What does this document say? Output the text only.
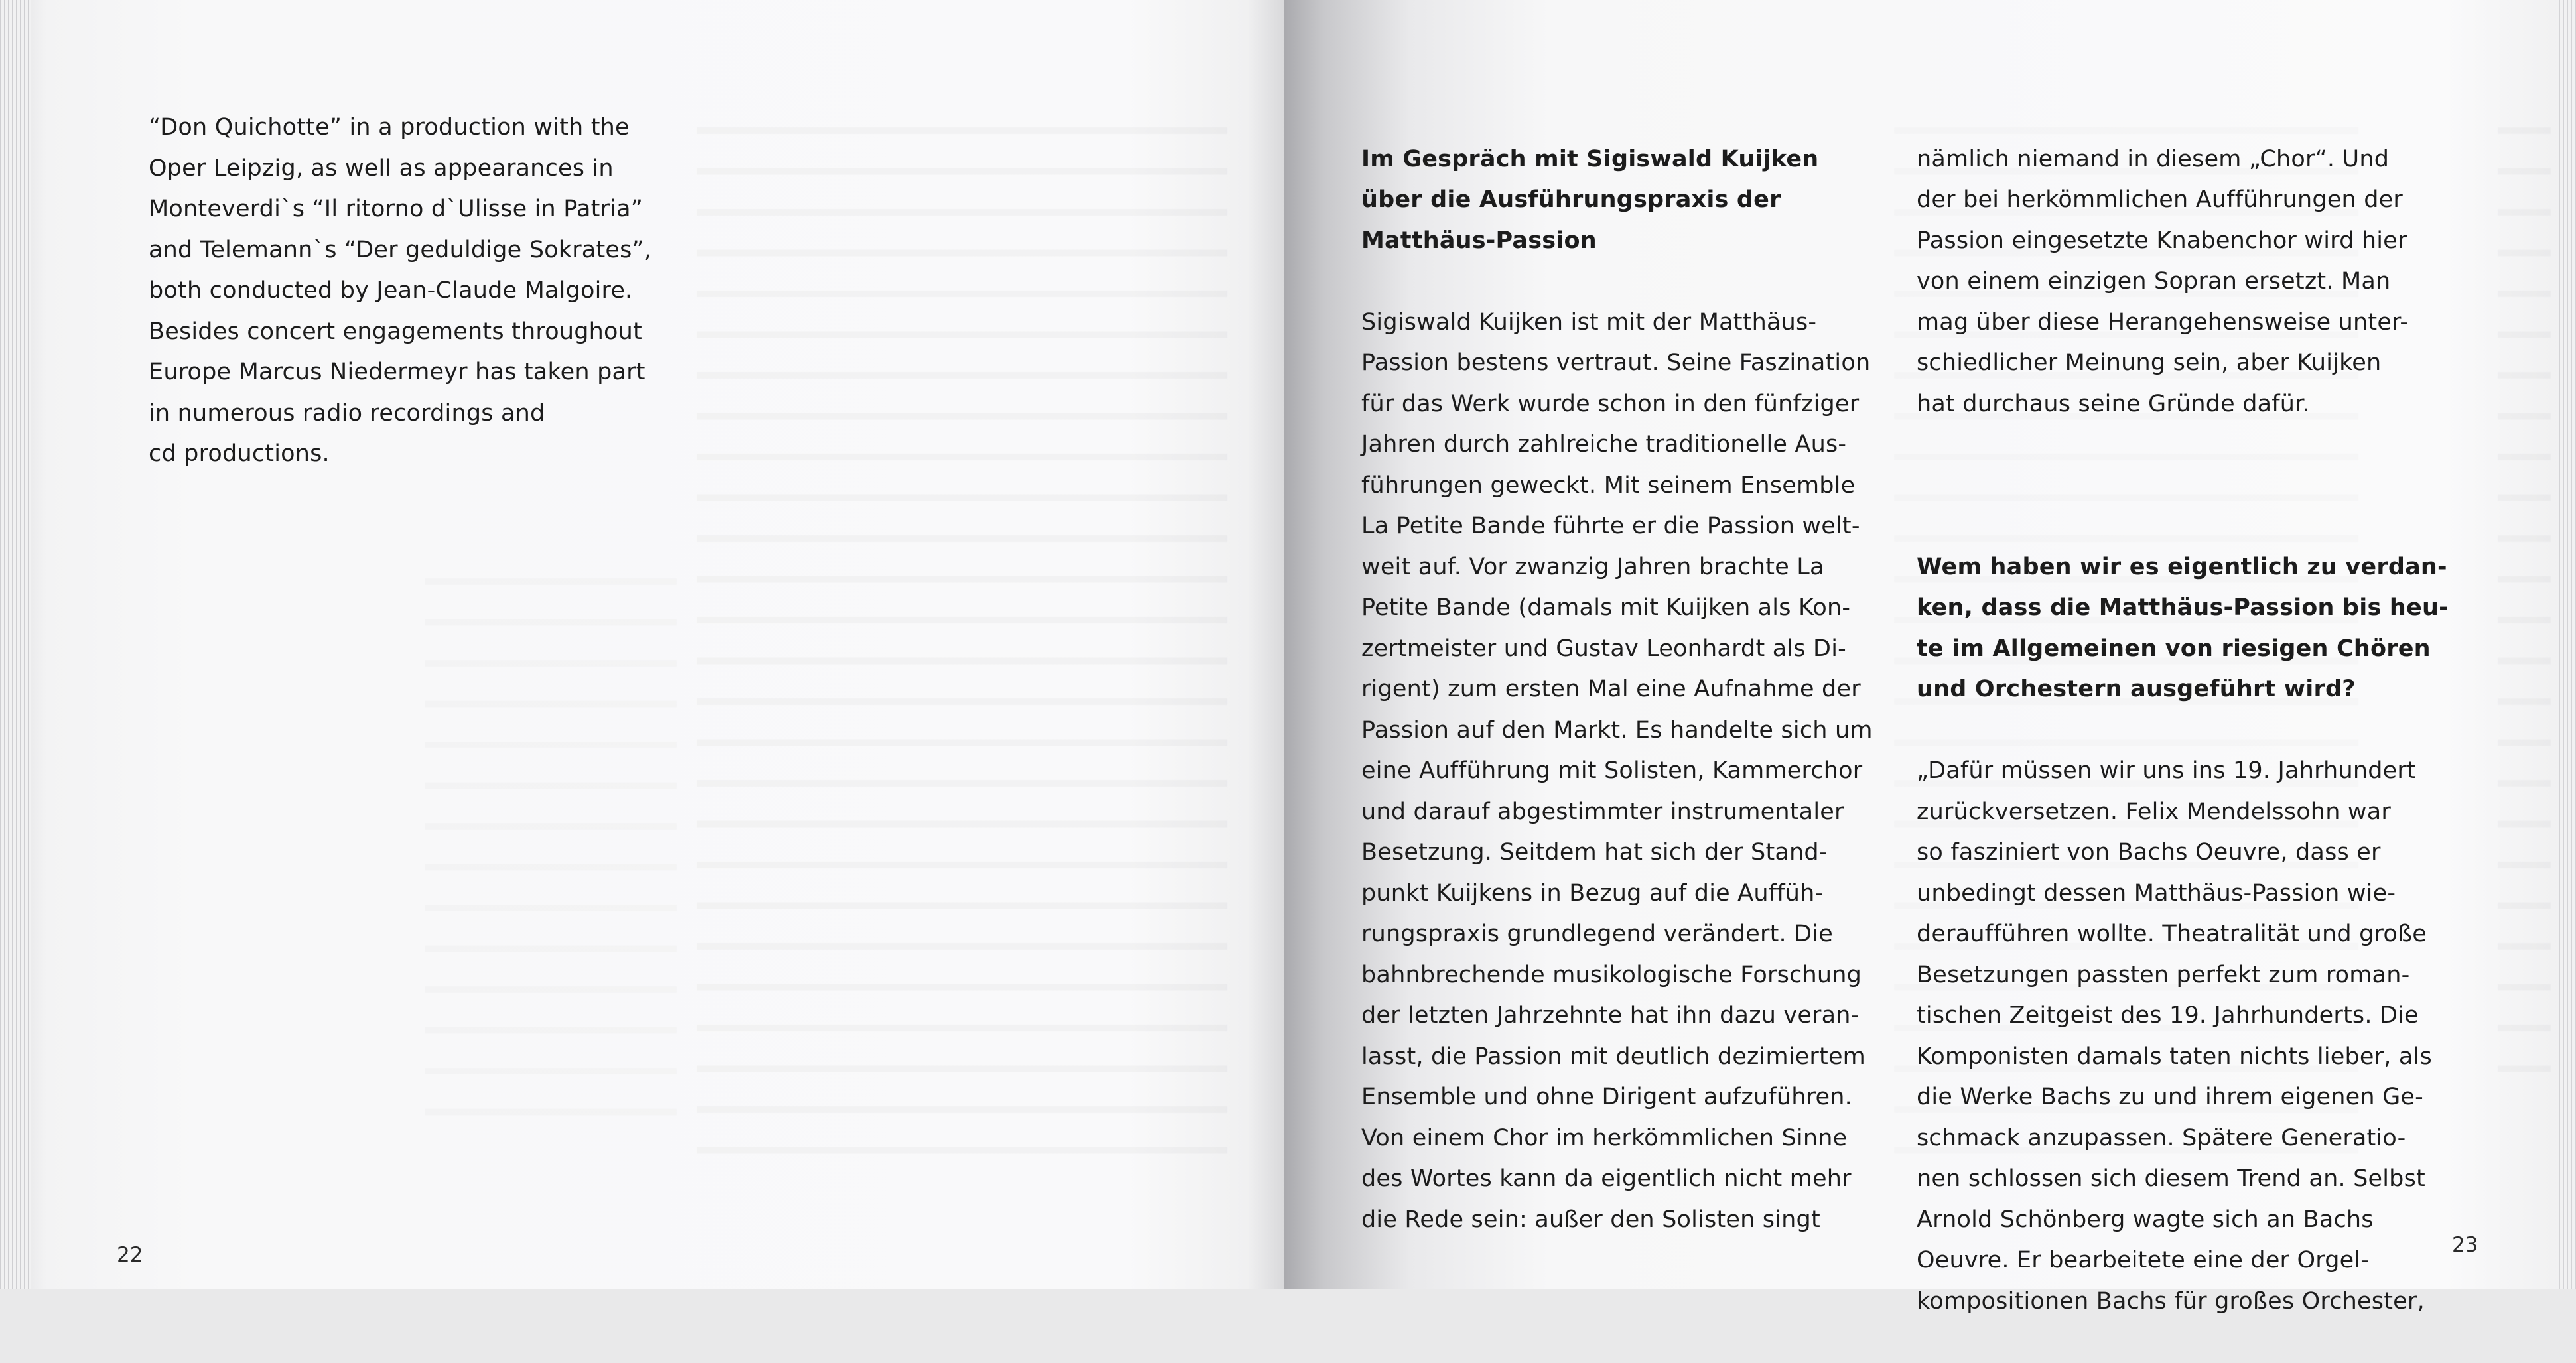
“Don Quichotte” in a production with the
Oper Leipzig, as well as appearances in
Monteverdi`s “Il ritorno d`Ulisse in Patria”
and Telemann`s “Der geduldige Sokrates”,
both conducted by Jean-Claude Malgoire.
Besides concert engagements throughout
Europe Marcus Niedermeyr has taken part
in numerous radio recordings and
cd productions.
22

Im Gespräch mit Sigiswald Kuijken
über die Ausführungspraxis der
Matthäus-Passion

Sigiswald Kuijken ist mit der Matthäus-
Passion bestens vertraut. Seine Faszination
für das Werk wurde schon in den fünfziger
Jahren durch zahlreiche traditionelle Aus-
führungen geweckt. Mit seinem Ensemble
La Petite Bande führte er die Passion welt-
weit auf. Vor zwanzig Jahren brachte La
Petite Bande (damals mit Kuijken als Kon-
zertmeister und Gustav Leonhardt als Di-
rigent) zum ersten Mal eine Aufnahme der
Passion auf den Markt. Es handelte sich um
eine Aufführung mit Solisten, Kammerchor
und darauf abgestimmter instrumentaler
Besetzung. Seitdem hat sich der Stand-
punkt Kuijkens in Bezug auf die Auffüh-
rungspraxis grundlegend verändert. Die
bahnbrechende musikologische Forschung
der letzten Jahrzehnte hat ihn dazu veran-
lasst, die Passion mit deutlich dezimiertem
Ensemble und ohne Dirigent aufzuführen.
Von einem Chor im herkömmlichen Sinne
des Wortes kann da eigentlich nicht mehr
die Rede sein: außer den Solisten singt

nämlich niemand in diesem „Chor“. Und
der bei herkömmlichen Aufführungen der
Passion eingesetzte Knabenchor wird hier
von einem einzigen Sopran ersetzt. Man
mag über diese Herangehensweise unter-
schiedlicher Meinung sein, aber Kuijken
hat durchaus seine Gründe dafür.

Wem haben wir es eigentlich zu verdan-
ken, dass die Matthäus-Passion bis heu-
te im Allgemeinen von riesigen Chören
und Orchestern ausgeführt wird?

„Dafür müssen wir uns ins 19. Jahrhundert
zurückversetzen. Felix Mendelssohn war
so fasziniert von Bachs Oeuvre, dass er
unbedingt dessen Matthäus-Passion wie-
deraufführen wollte. Theatralität und große
Besetzungen passten perfekt zum roman-
tischen Zeitgeist des 19. Jahrhunderts. Die
Komponisten damals taten nichts lieber, als
die Werke Bachs zu und ihrem eigenen Ge-
schmack anzupassen. Spätere Generatio-
nen schlossen sich diesem Trend an. Selbst
Arnold Schönberg wagte sich an Bachs
Oeuvre. Er bearbeitete eine der Orgel-
kompositionen Bachs für großes Orchester,

23
